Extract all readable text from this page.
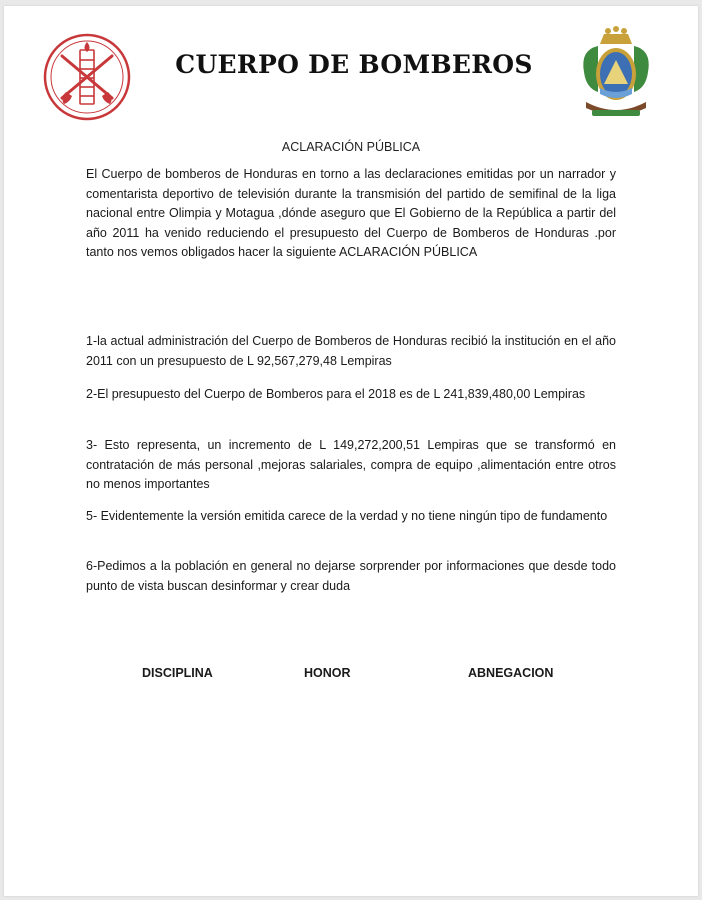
CUERPO DE BOMBEROS

ACLARACIÓN PÚBLICA

El Cuerpo de bomberos de Honduras en torno a las declaraciones emitidas por un narrador y comentarista deportivo de televisión durante la transmisión del partido de semifinal de la liga nacional entre Olimpia y Motagua ,dónde aseguro que El Gobierno de la República a partir del año 2011 ha venido reduciendo el presupuesto del Cuerpo de Bomberos de Honduras .por tanto nos vemos obligados hacer la siguiente ACLARACIÓN PÚBLICA

1-la actual administración del Cuerpo de Bomberos de Honduras recibió la institución en el año 2011 con un presupuesto de L 92,567,279,48 Lempiras

2-El presupuesto del Cuerpo de Bomberos para el 2018 es de L 241,839,480,00 Lempiras

3- Esto representa, un incremento de L 149,272,200,51 Lempiras que se transformó en contratación de más personal ,mejoras salariales, compra de equipo ,alimentación entre otros no menos importantes

5- Evidentemente la versión emitida carece de la verdad y no tiene ningún tipo de fundamento

6-Pedimos a la población en general no dejarse sorprender por informaciones que desde todo punto de vista buscan desinformar y crear duda

DISCIPLINA	HONOR	ABNEGACION
